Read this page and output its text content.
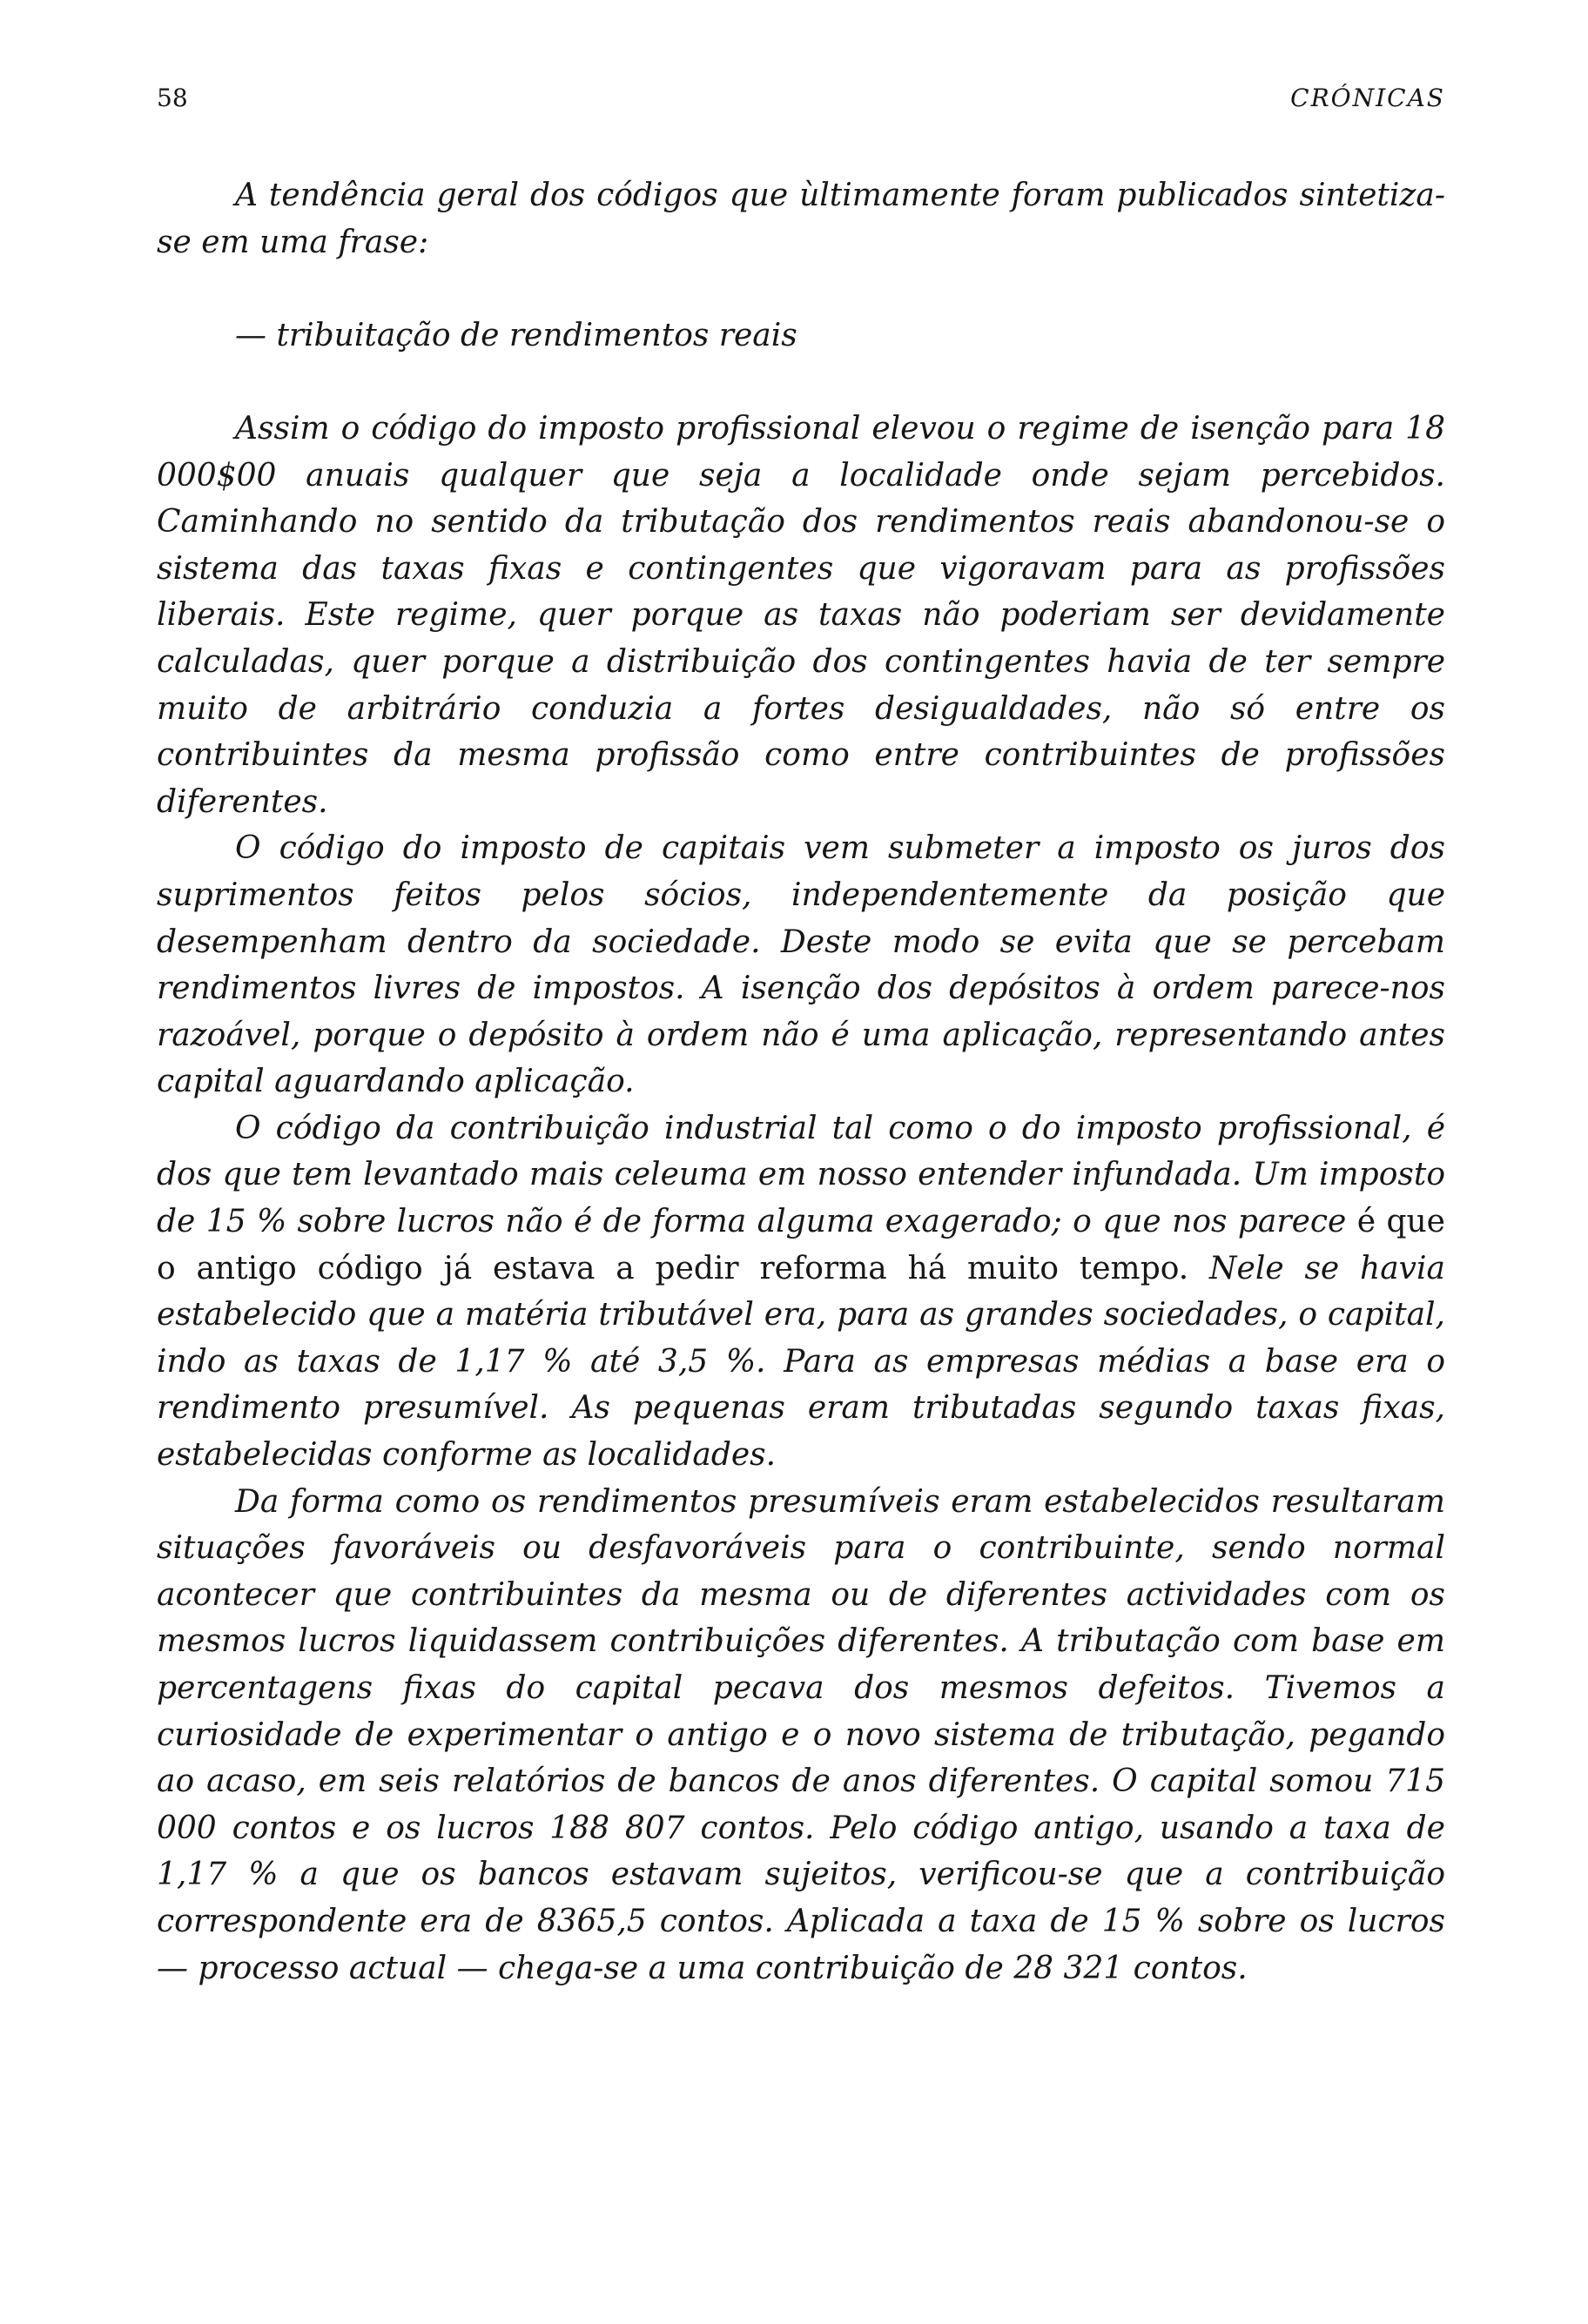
58	CRÓNICAS

A tendência geral dos códigos que ùltimamente foram publicados sintetiza-se em uma frase:

— tribuitação de rendimentos reais

Assim o código do imposto profissional elevou o regime de isenção para 18 000$00 anuais qualquer que seja a localidade onde sejam percebidos. Caminhando no sentido da tributação dos rendimentos reais abandonou-se o sistema das taxas fixas e contingentes que vigoravam para as profissões liberais. Este regime, quer porque as taxas não poderiam ser devidamente calculadas, quer porque a distribuição dos contingentes havia de ter sempre muito de arbitrário conduzia a fortes desigualdades, não só entre os contribuintes da mesma profissão como entre contribuintes de profissões diferentes.

O código do imposto de capitais vem submeter a imposto os juros dos suprimentos feitos pelos sócios, independentemente da posição que desempenham dentro da sociedade. Deste modo se evita que se percebam rendimentos livres de impostos. A isenção dos depósitos à ordem parece-nos razoável, porque o depósito à ordem não é uma aplicação, representando antes capital aguardando aplicação.

O código da contribuição industrial tal como o do imposto profissional, é dos que tem levantado mais celeuma em nosso entender infundada. Um imposto de 15 % sobre lucros não é de forma alguma exagerado; o que nos parece é que o antigo código já estava a pedir reforma há muito tempo. Nele se havia estabelecido que a matéria tributável era, para as grandes sociedades, o capital, indo as taxas de 1,17 % até 3,5 %. Para as empresas médias a base era o rendimento presumível. As pequenas eram tributadas segundo taxas fixas, estabelecidas conforme as localidades.

Da forma como os rendimentos presumíveis eram estabelecidos resultaram situações favoráveis ou desfavoráveis para o contribuinte, sendo normal acontecer que contribuintes da mesma ou de diferentes actividades com os mesmos lucros liquidassem contribuições diferentes. A tributação com base em percentagens fixas do capital pecava dos mesmos defeitos. Tivemos a curiosidade de experimentar o antigo e o novo sistema de tributação, pegando ao acaso, em seis relatórios de bancos de anos diferentes. O capital somou 715 000 contos e os lucros 188 807 contos. Pelo código antigo, usando a taxa de 1,17 % a que os bancos estavam sujeitos, verificou-se que a contribuição correspondente era de 8365,5 contos. Aplicada a taxa de 15 % sobre os lucros — processo actual — chega-se a uma contribuição de 28 321 contos.
